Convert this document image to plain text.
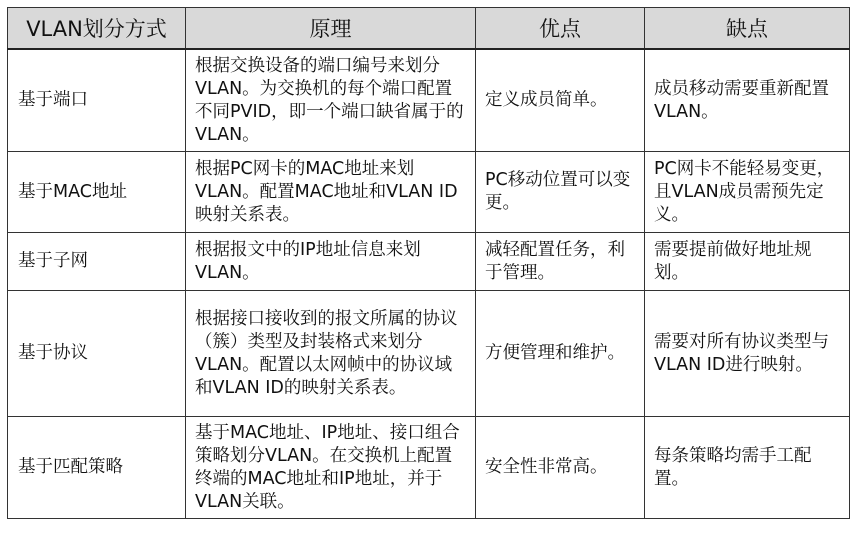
VLAN划分方式	原理	优点	缺点
基于端口	根据交换设备的端口编号来划分VLAN。为交换机的每个端口配置不同PVID，即一个端口缺省属于的VLAN。	定义成员简单。	成员移动需要重新配置VLAN。
基于MAC地址	根据PC网卡的MAC地址来划VLAN。配置MAC地址和VLAN ID映射关系表。	PC移动位置可以变更。	PC网卡不能轻易变更，且VLAN成员需预先定义。
基于子网	根据报文中的IP地址信息来划VLAN。	减轻配置任务，利于管理。	需要提前做好地址规划。
基于协议	根据接口接收到的报文所属的协议（簇）类型及封装格式来划分VLAN。配置以太网帧中的协议域和VLAN ID的映射关系表。	方便管理和维护。	需要对所有协议类型与VLAN ID进行映射。
基于匹配策略	基于MAC地址、IP地址、接口组合策略划分VLAN。在交换机上配置终端的MAC地址和IP地址，并于VLAN关联。	安全性非常高。	每条策略均需手工配置。
